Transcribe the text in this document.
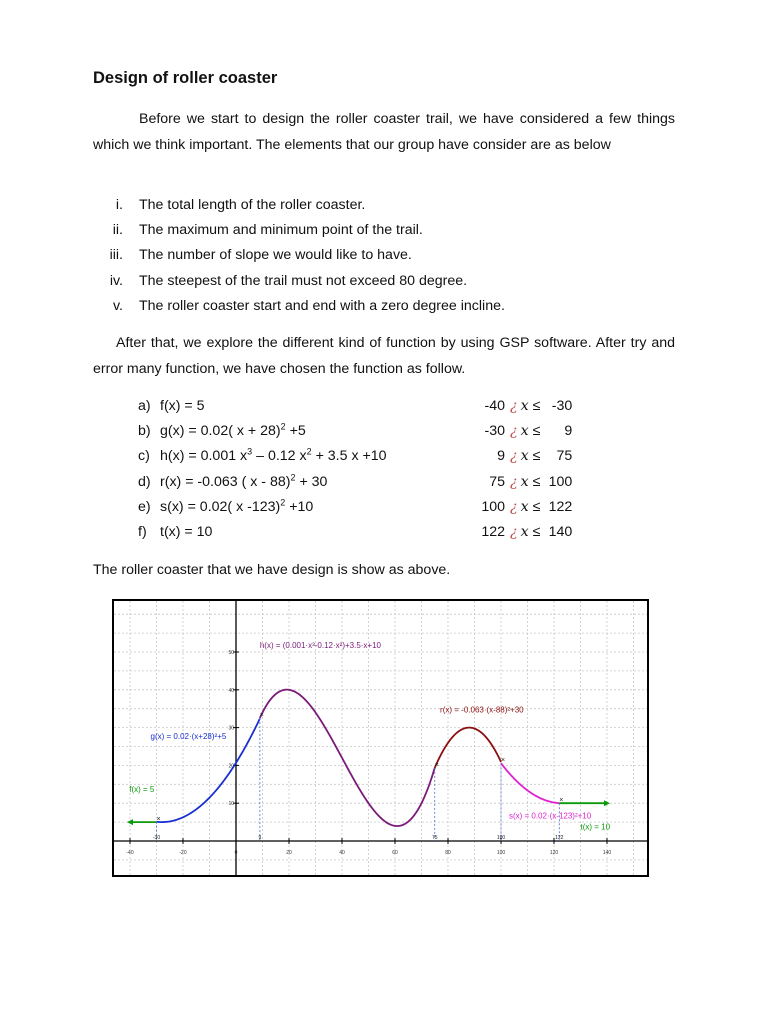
Design of roller coaster

Before we start to design the roller coaster trail, we have considered a few things which we think important. The elements that our group have consider are as below

i. The total length of the roller coaster.
ii. The maximum and minimum point of the trail.
iii. The number of slope we would like to have.
iv. The steepest of the trail must not exceed 80 degree.
v. The roller coaster start and end with a zero degree incline.

After that, we explore the different kind of function by using GSP software. After try and error many function, we have chosen the function as follow.

a) f(x) = 5	-40 ¿ x ≤ -30
b) g(x) = 0.02( x + 28)$^2$ +5	-30 ¿ x ≤ 9
c) h(x) = 0.001 $x^3 - 0.12$ $x^2 + 3.5$ x +10	9 ¿ x ≤ 75
d) r(x) = -0.063 ( x - 88)$^2$ + 30	75 ¿ x ≤ 100
e) s(x) = 0.02( x -123)$^2$ +10	100 ¿ x ≤ 122
f) t(x) = 10	122 ¿ x ≤ 140

The roller coaster that we have design is show as above.

-40	-20	0	20	40	60	80	100	120	140
10
20
30
40
50
×
-30
×
9
×
75
×
100
×
122
f(x) = 5
g(x) = 0.02·(x+28)²+5
h(x) = (0.001·x³-0.12·x²)+3.5·x+10
r(x) = -0.063·(x-88)²+30
s(x) = 0.02·(x-123)²+10
t(x) = 10
